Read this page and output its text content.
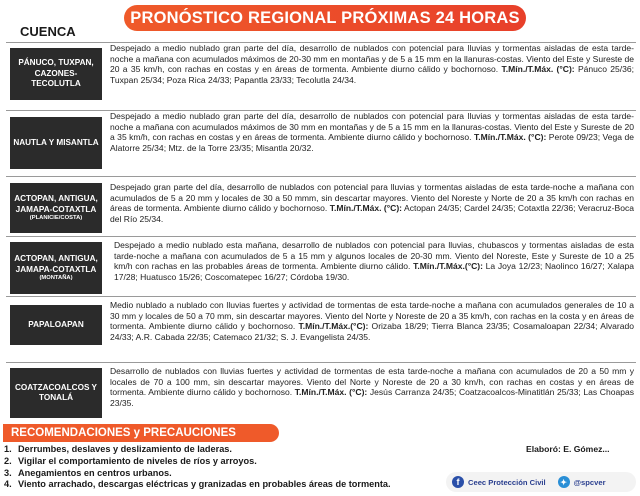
PRONÓSTICO REGIONAL PRÓXIMAS 24 HORAS
CUENCA
PÁNUCO, TUXPAN, CAZONES-TECOLUTLA
Despejado a medio nublado gran parte del día, desarrollo de nublados con potencial para lluvias y tormentas aisladas de esta tarde-noche a mañana con acumulados máximos de 20-30 mm en montañas y de 5 a 15 mm en la llanuras-costas. Viento del Este y Sureste de 20 a 35 km/h, con rachas en costas y en áreas de tormenta. Ambiente diurno cálido y bochornoso. T.Mín./T.Máx. (°C): Pánuco 25/36; Tuxpan 25/34; Poza Rica 24/33; Papantla 23/33; Tecolutla 24/34.
NAUTLA Y MISANTLA
Despejado a medio nublado gran parte del día, desarrollo de nublados con potencial para lluvias y tormentas aisladas de esta tarde-noche a mañana con acumulados máximos de 30 mm en montañas y de 5 a 15 mm en la llanuras-costas. Viento del Este y Sureste de 20 a 35 km/h, con rachas en costas y en áreas de tormenta. Ambiente diurno cálido y bochornoso. T.Mín./T.Máx. (°C): Perote 09/23; Vega de Alatorre 25/34; Mtz. de la Torre 23/35; Misantla 20/32.
ACTOPAN, ANTIGUA, JAMAPA-COTAXTLA
(PLANICIE/COSTA)
Despejado gran parte del día, desarrollo de nublados con potencial para lluvias y tormentas aisladas de esta tarde-noche a mañana con acumulados de 5 a 20 mm y locales de 30 a 50 mmm, sin descartar mayores. Viento del Noreste y Norte de 20 a 35 km/h con rachas en áreas de tormenta. Ambiente diurno cálido y bochornoso. T.Mín./T.Máx. (°C): Actopan 24/35; Cardel 24/35; Cotaxtla 22/36; Veracruz-Boca del Río 25/34.
ACTOPAN, ANTIGUA, JAMAPA-COTAXTLA
(MONTAÑA)
Despejado a medio nublado esta mañana, desarrollo de nublados con potencial para lluvias, chubascos y tormentas aisladas de esta tarde-noche a mañana con acumulados de 5 a 15 mm y algunos locales de 20-30 mm. Viento del Noreste, Este y Sureste de 10 a 25 km/h con rachas en las probables áreas de tormenta. Ambiente diurno cálido. T.Mín./T.Máx.(°C): La Joya 12/23; Naolinco 16/27; Xalapa 17/28; Huatusco 15/26; Coscomatepec 16/27; Córdoba 19/30.
PAPALOAPAN
Medio nublado a nublado con lluvias fuertes y actividad de tormentas de esta tarde-noche a mañana con acumulados generales de 10 a 30 mm y locales de 50 a 70 mm, sin descartar mayores. Viento del Norte y Noreste de 20 a 35 km/h, con rachas en la costa y en áreas de tormenta. Ambiente diurno cálido y bochornoso. T.Mín./T.Máx.(°C): Orizaba 18/29; Tierra Blanca 23/35; Cosamaloapan 22/34; Alvarado 24/33; A.R. Cabada 22/35; Catemaco 21/32; S. J. Evangelista 24/35.
COATZACOALCOS Y TONALÁ
Desarrollo de nublados con lluvias fuertes y actividad de tormentas de esta tarde-noche a mañana con acumulados de 20 a 50 mm y locales de 70 a 100 mm, sin descartar mayores. Viento del Norte y Noreste de 20 a 30 km/h, con rachas en costas y en áreas de tormenta. Ambiente diurno cálido y bochornoso. T.Mín./T.Máx. (°C): Jesús Carranza 24/35; Coatzacoalcos-Minatitlán 25/33; Las Choapas 23/35.
RECOMENDACIONES y PRECAUCIONES
1. Derrumbes, deslaves y deslizamiento de laderas.
2. Vigilar el comportamiento de niveles de ríos y arroyos.
3. Anegamientos en centros urbanos.
4. Viento arrachado, descargas eléctricas y granizadas en probables áreas de tormenta.
Elaboró: E. Gómez...
f	Ceec Protección Civil	✦ @spcver
